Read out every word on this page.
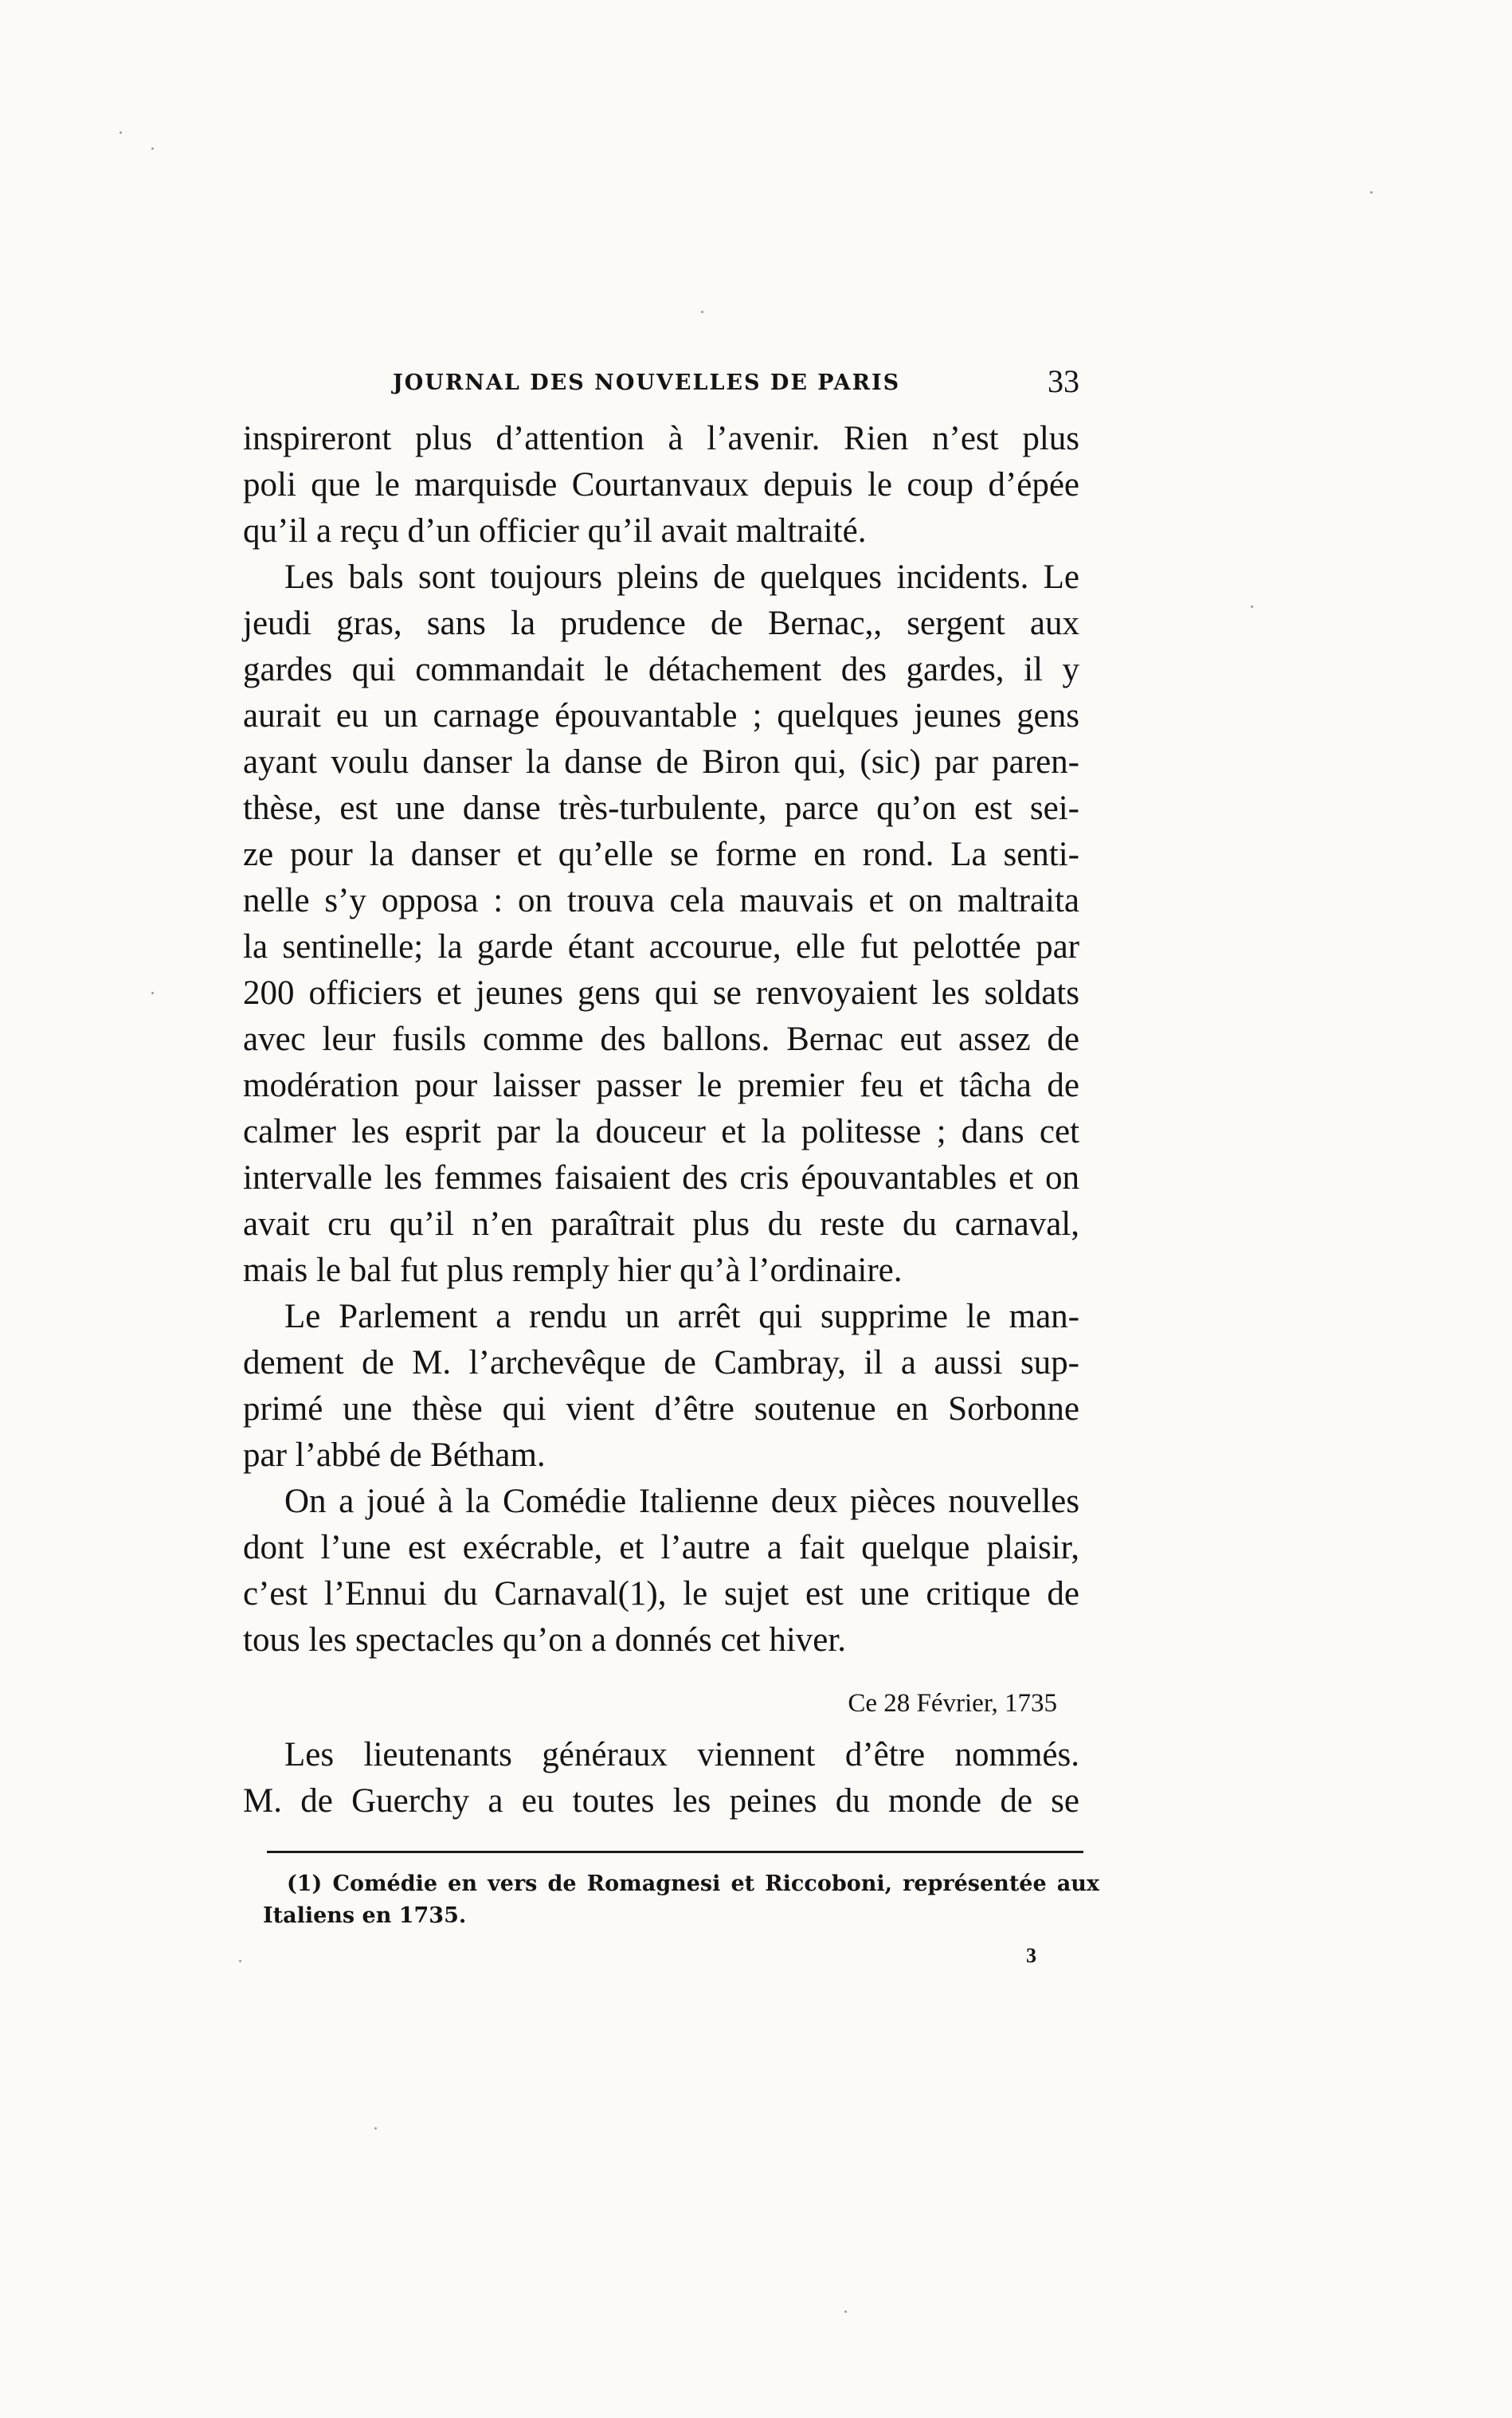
JOURNAL DES NOUVELLES DE PARIS	33
inspireront plus d’attention à l’avenir. Rien n’est plus
poli que le marquisde Courtanvaux depuis le coup d’épée
qu’il a reçu d’un officier qu’il avait maltraité.
Les bals sont toujours pleins de quelques incidents. Le
jeudi gras, sans la prudence de Bernac,, sergent aux
gardes qui commandait le détachement des gardes, il y
aurait eu un carnage épouvantable ; quelques jeunes gens
ayant voulu danser la danse de Biron qui, (sic) par paren-
thèse, est une danse très-turbulente, parce qu’on est sei-
ze pour la danser et qu’elle se forme en rond. La senti-
nelle s’y opposa : on trouva cela mauvais et on maltraita
la sentinelle; la garde étant accourue, elle fut pelottée par
200 officiers et jeunes gens qui se renvoyaient les soldats
avec leur fusils comme des ballons. Bernac eut assez de
modération pour laisser passer le premier feu et tâcha de
calmer les esprit par la douceur et la politesse ; dans cet
intervalle les femmes faisaient des cris épouvantables et on
avait cru qu’il n’en paraîtrait plus du reste du carnaval,
mais le bal fut plus remply hier qu’à l’ordinaire.
Le Parlement a rendu un arrêt qui supprime le man-
dement de M. l’archevêque de Cambray, il a aussi sup-
primé une thèse qui vient d’être soutenue en Sorbonne
par l’abbé de Bétham.
On a joué à la Comédie Italienne deux pièces nouvelles
dont l’une est exécrable, et l’autre a fait quelque plaisir,
c’est l’Ennui du Carnaval(1), le sujet est une critique de
tous les spectacles qu’on a donnés cet hiver.
Ce 28 Février, 1735
Les lieutenants généraux viennent d’être nommés.
M. de Guerchy a eu toutes les peines du monde de se
(1) Comédie en vers de Romagnesi et Riccoboni, représentée aux
Italiens en 1735.
3
